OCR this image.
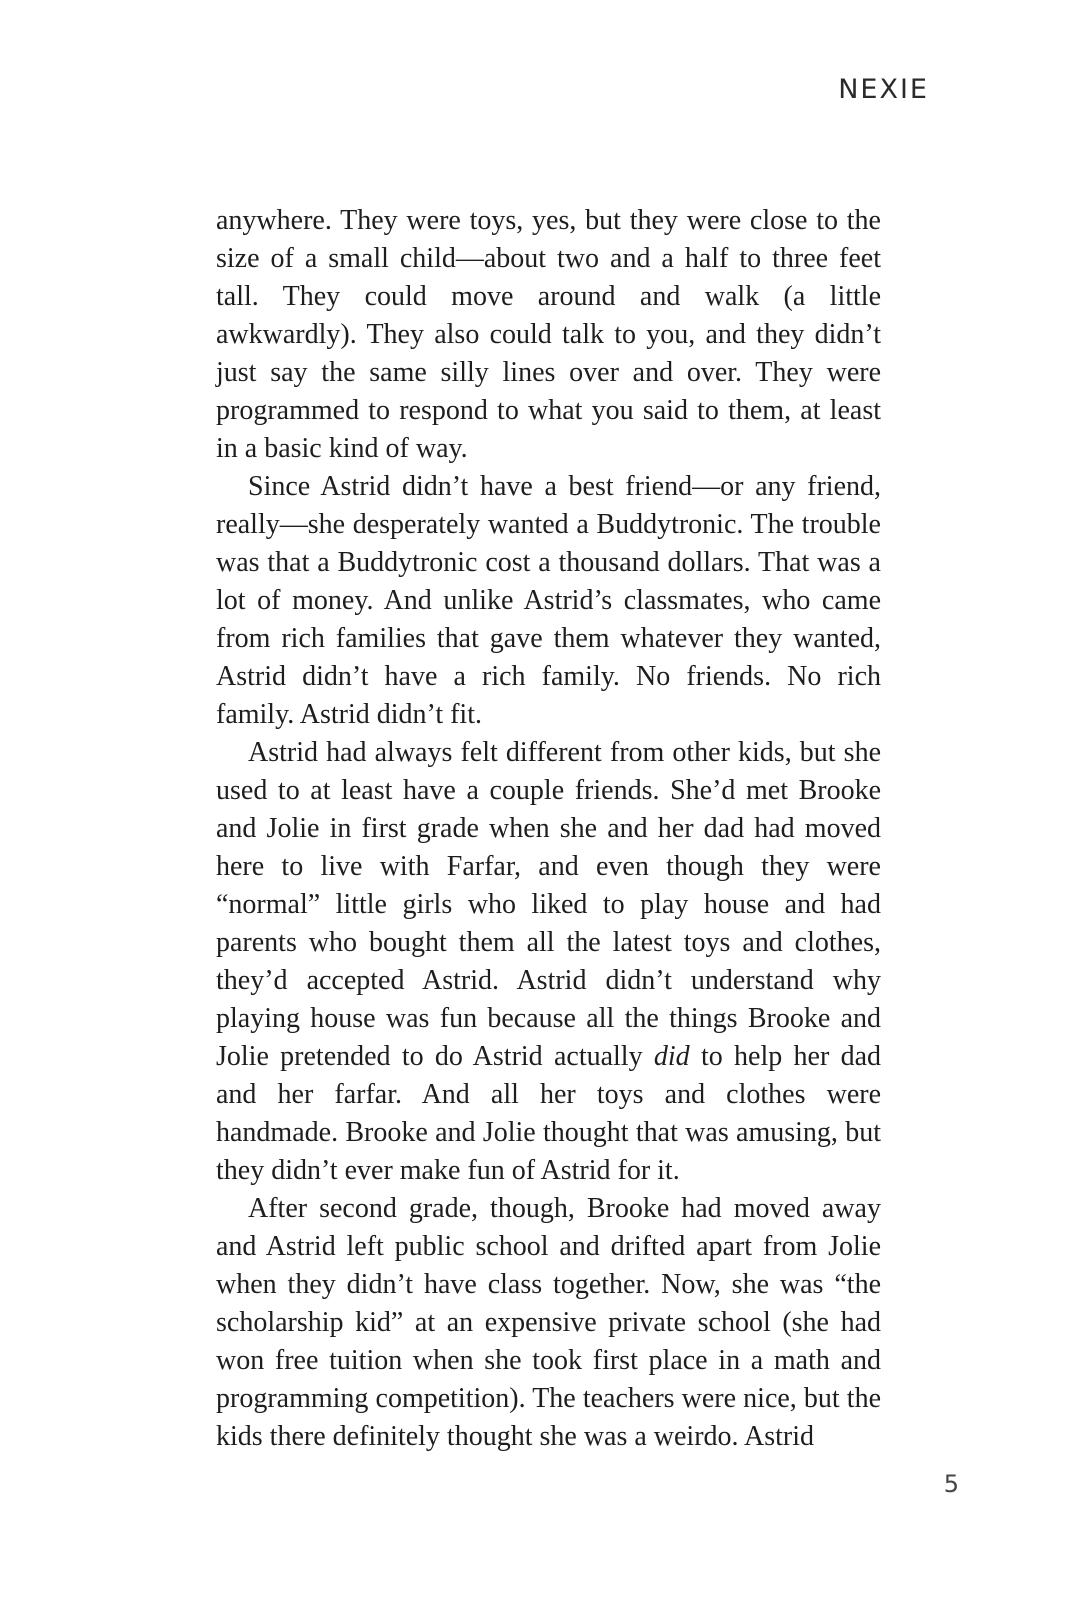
NEXIE

anywhere. They were toys, yes, but they were close to the size of a small child—about two and a half to three feet tall. They could move around and walk (a little awkwardly). They also could talk to you, and they didn’t just say the same silly lines over and over. They were programmed to respond to what you said to them, at least in a basic kind of way.

Since Astrid didn’t have a best friend—or any friend, really—she desperately wanted a Buddytronic. The trouble was that a Buddytronic cost a thousand dollars. That was a lot of money. And unlike Astrid’s classmates, who came from rich families that gave them whatever they wanted, Astrid didn’t have a rich family. No friends. No rich family. Astrid didn’t fit.

Astrid had always felt different from other kids, but she used to at least have a couple friends. She’d met Brooke and Jolie in first grade when she and her dad had moved here to live with Farfar, and even though they were “normal” little girls who liked to play house and had parents who bought them all the latest toys and clothes, they’d accepted Astrid. Astrid didn’t understand why playing house was fun because all the things Brooke and Jolie pretended to do Astrid actually did to help her dad and her farfar. And all her toys and clothes were handmade. Brooke and Jolie thought that was amusing, but they didn’t ever make fun of Astrid for it.

After second grade, though, Brooke had moved away and Astrid left public school and drifted apart from Jolie when they didn’t have class together. Now, she was “the scholarship kid” at an expensive private school (she had won free tuition when she took first place in a math and programming competition). The teachers were nice, but the kids there definitely thought she was a weirdo. Astrid

5
